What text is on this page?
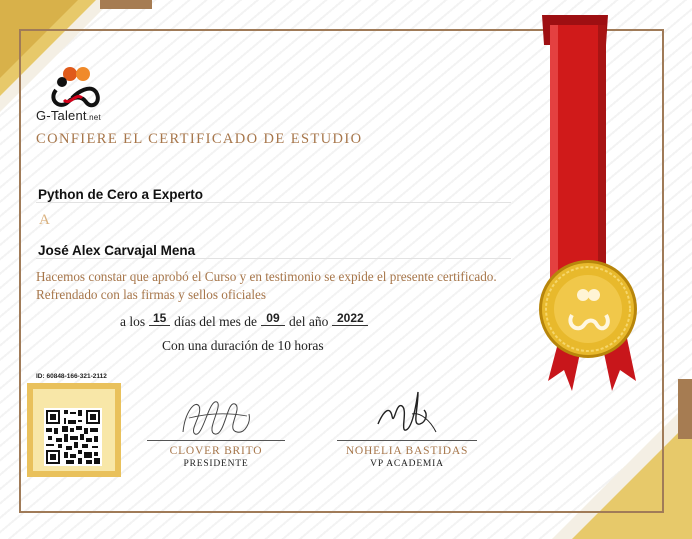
G-Talent.net
CONFIERE EL CERTIFICADO DE ESTUDIO
Python de Cero a Experto
A
José Alex Carvajal Mena

Hacemos constar que aprobó el Curso y en testimonio se expide el presente certificado. Refrendado con las firmas y sellos oficiales

a los 15 días del mes de 09 del año 2022
Con una duración de 10 horas
ID: 60848-166-321-2112
CLOVER BRITO
PRESIDENTE
NOHELIA BASTIDAS
VP ACADEMIA
